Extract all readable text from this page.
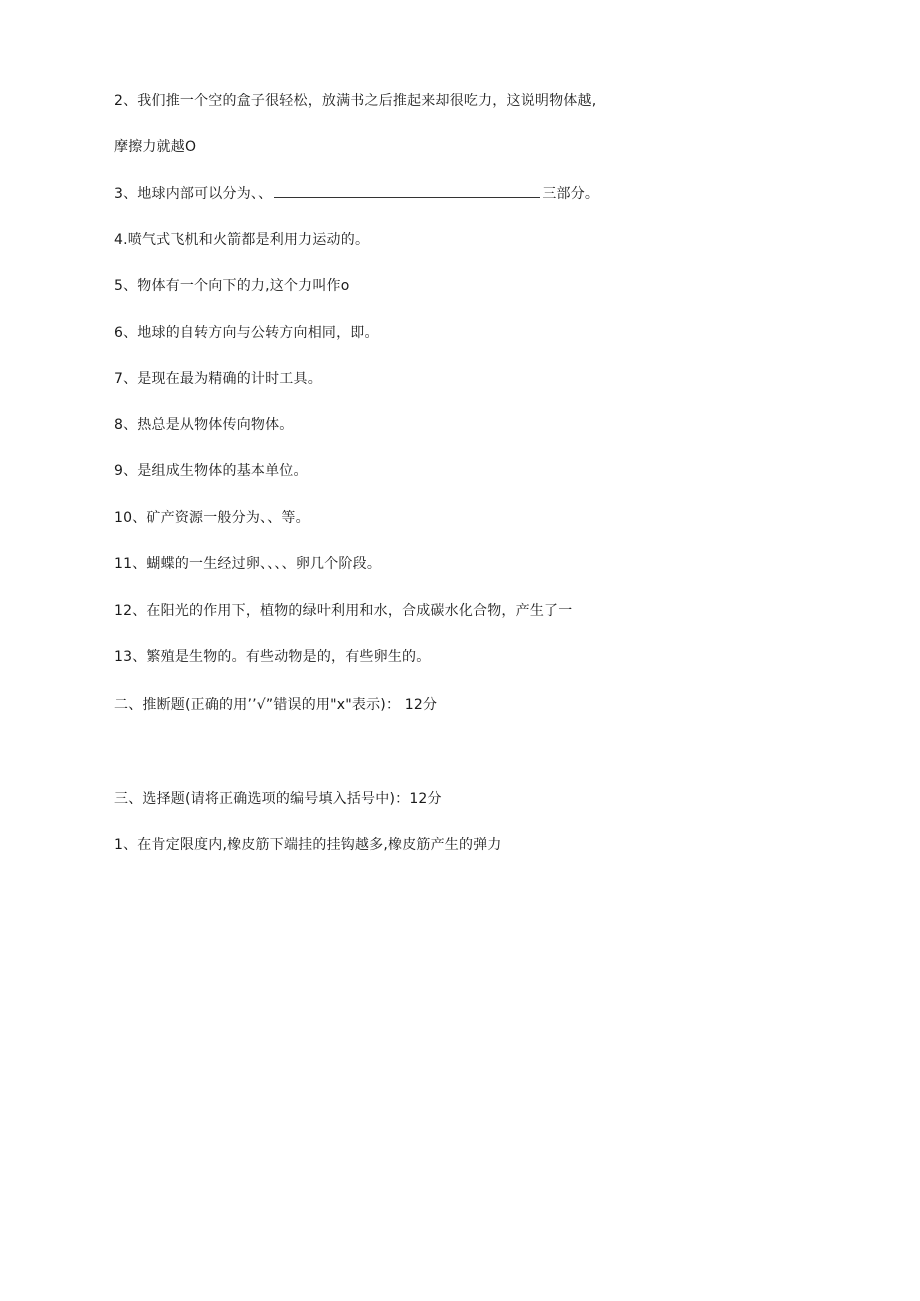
2、我们推一个空的盒子很轻松，放满书之后推起来却很吃力，这说明物体越,
摩擦力就越O
3、地球内部可以分为、、	三部分。
4.喷气式飞机和火箭都是利用力运动的。
5、物体有一个向下的力,这个力叫作o
6、地球的自转方向与公转方向相同，即。
7、是现在最为精确的计时工具。
8、热总是从物体传向物体。
9、是组成生物体的基本单位。
10、矿产资源一般分为、、等。
11、蝴蝶的一生经过卵、、、、卵几个阶段。
12、在阳光的作用下，植物的绿叶利用和水，合成碳水化合物，产生了一
13、繁殖是生物的。有些动物是的，有些卵生的。
二、推断题(正确的用’’√”错误的用"x"表示)： 12分
三、选择题(请将正确选项的编号填入括号中)：12分
1、在肯定限度内,橡皮筋下端挂的挂钩越多,橡皮筋产生的弹力
